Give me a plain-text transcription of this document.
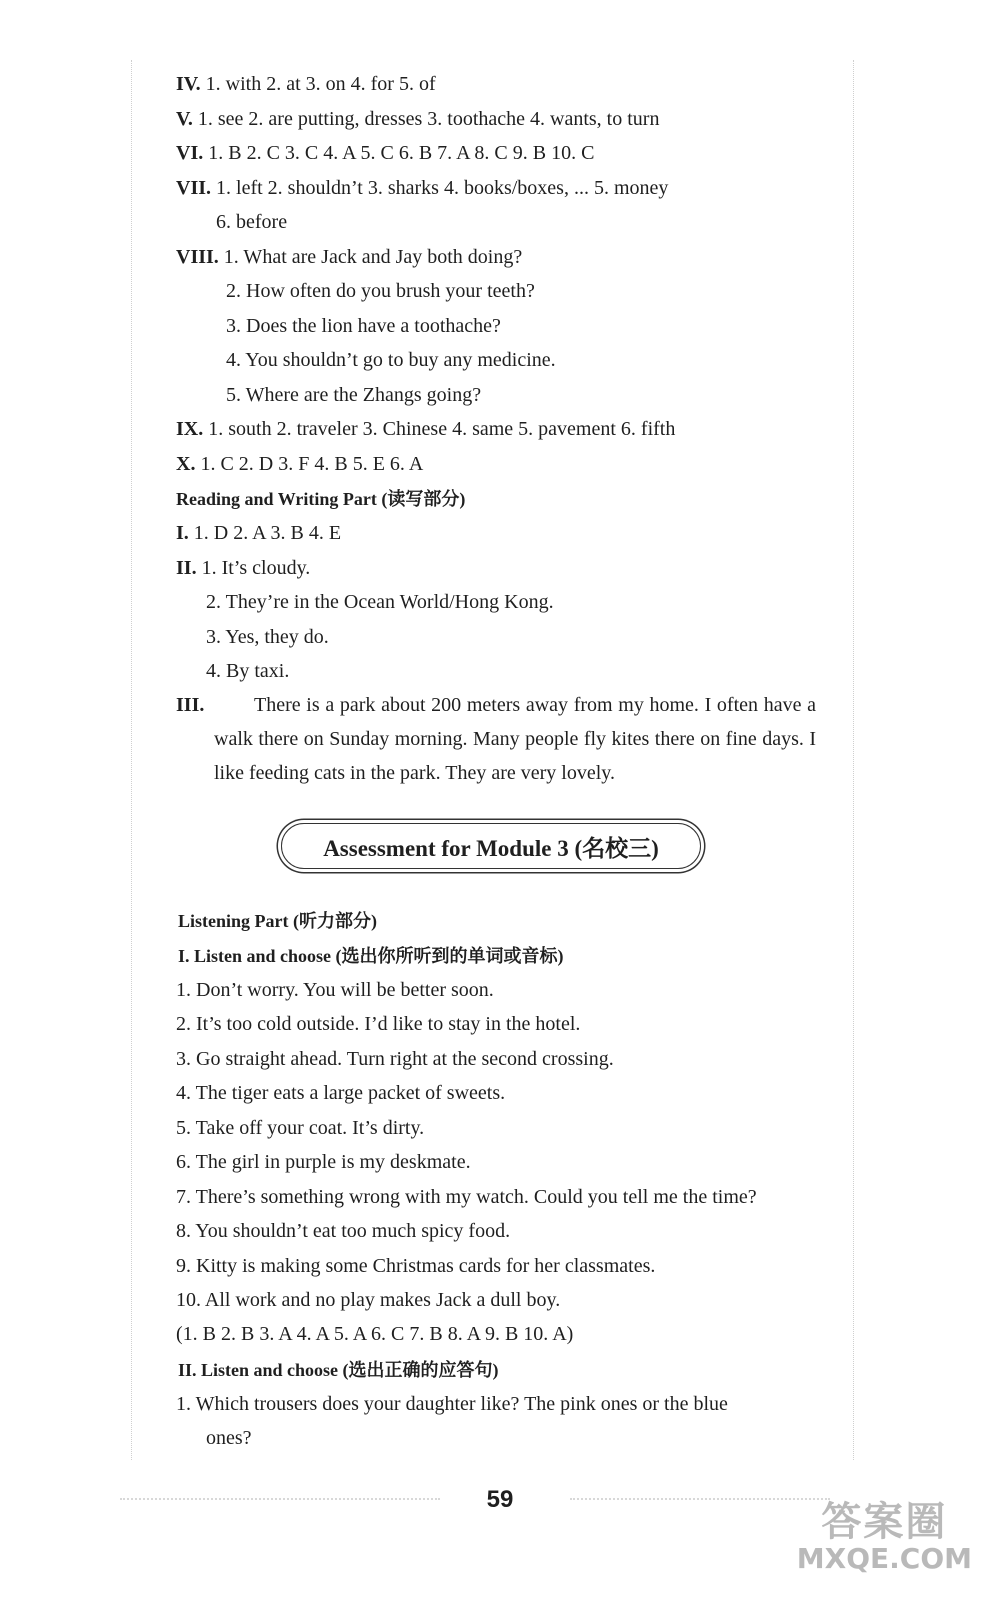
IV. 1. with 2. at 3. on 4. for 5. of
V. 1. see 2. are putting, dresses 3. toothache 4. wants, to turn
VI. 1. B 2. C 3. C 4. A 5. C 6. B 7. A 8. C 9. B 10. C
VII. 1. left 2. shouldn’t 3. sharks 4. books/boxes, ... 5. money
6. before
VIII. 1. What are Jack and Jay both doing?
2. How often do you brush your teeth?
3. Does the lion have a toothache?
4. You shouldn’t go to buy any medicine.
5. Where are the Zhangs going?
IX. 1. south 2. traveler 3. Chinese 4. same 5. pavement 6. fifth
X. 1. C 2. D 3. F 4. B 5. E 6. A
Reading and Writing Part (读写部分)
I. 1. D 2. A 3. B 4. E
II. 1. It’s cloudy.
2. They’re in the Ocean World/Hong Kong.
3. Yes, they do.
4. By taxi.
III.	There is a park about 200 meters away from my home. I often have a walk there on Sunday morning. Many people fly kites there on fine days. I like feeding cats in the park. They are very lovely.
Assessment for Module 3 (名校三)
Listening Part (听力部分)
I. Listen and choose (选出你所听到的单词或音标)
1. Don’t worry. You will be better soon.
2. It’s too cold outside. I’d like to stay in the hotel.
3. Go straight ahead. Turn right at the second crossing.
4. The tiger eats a large packet of sweets.
5. Take off your coat. It’s dirty.
6. The girl in purple is my deskmate.
7. There’s something wrong with my watch. Could you tell me the time?
8. You shouldn’t eat too much spicy food.
9. Kitty is making some Christmas cards for her classmates.
10. All work and no play makes Jack a dull boy.
(1. B 2. B 3. A 4. A 5. A 6. C 7. B 8. A 9. B 10. A)
II. Listen and choose (选出正确的应答句)
1. Which trousers does your daughter like? The pink ones or the blue
ones?
59	答案圈
MXQE.COM
